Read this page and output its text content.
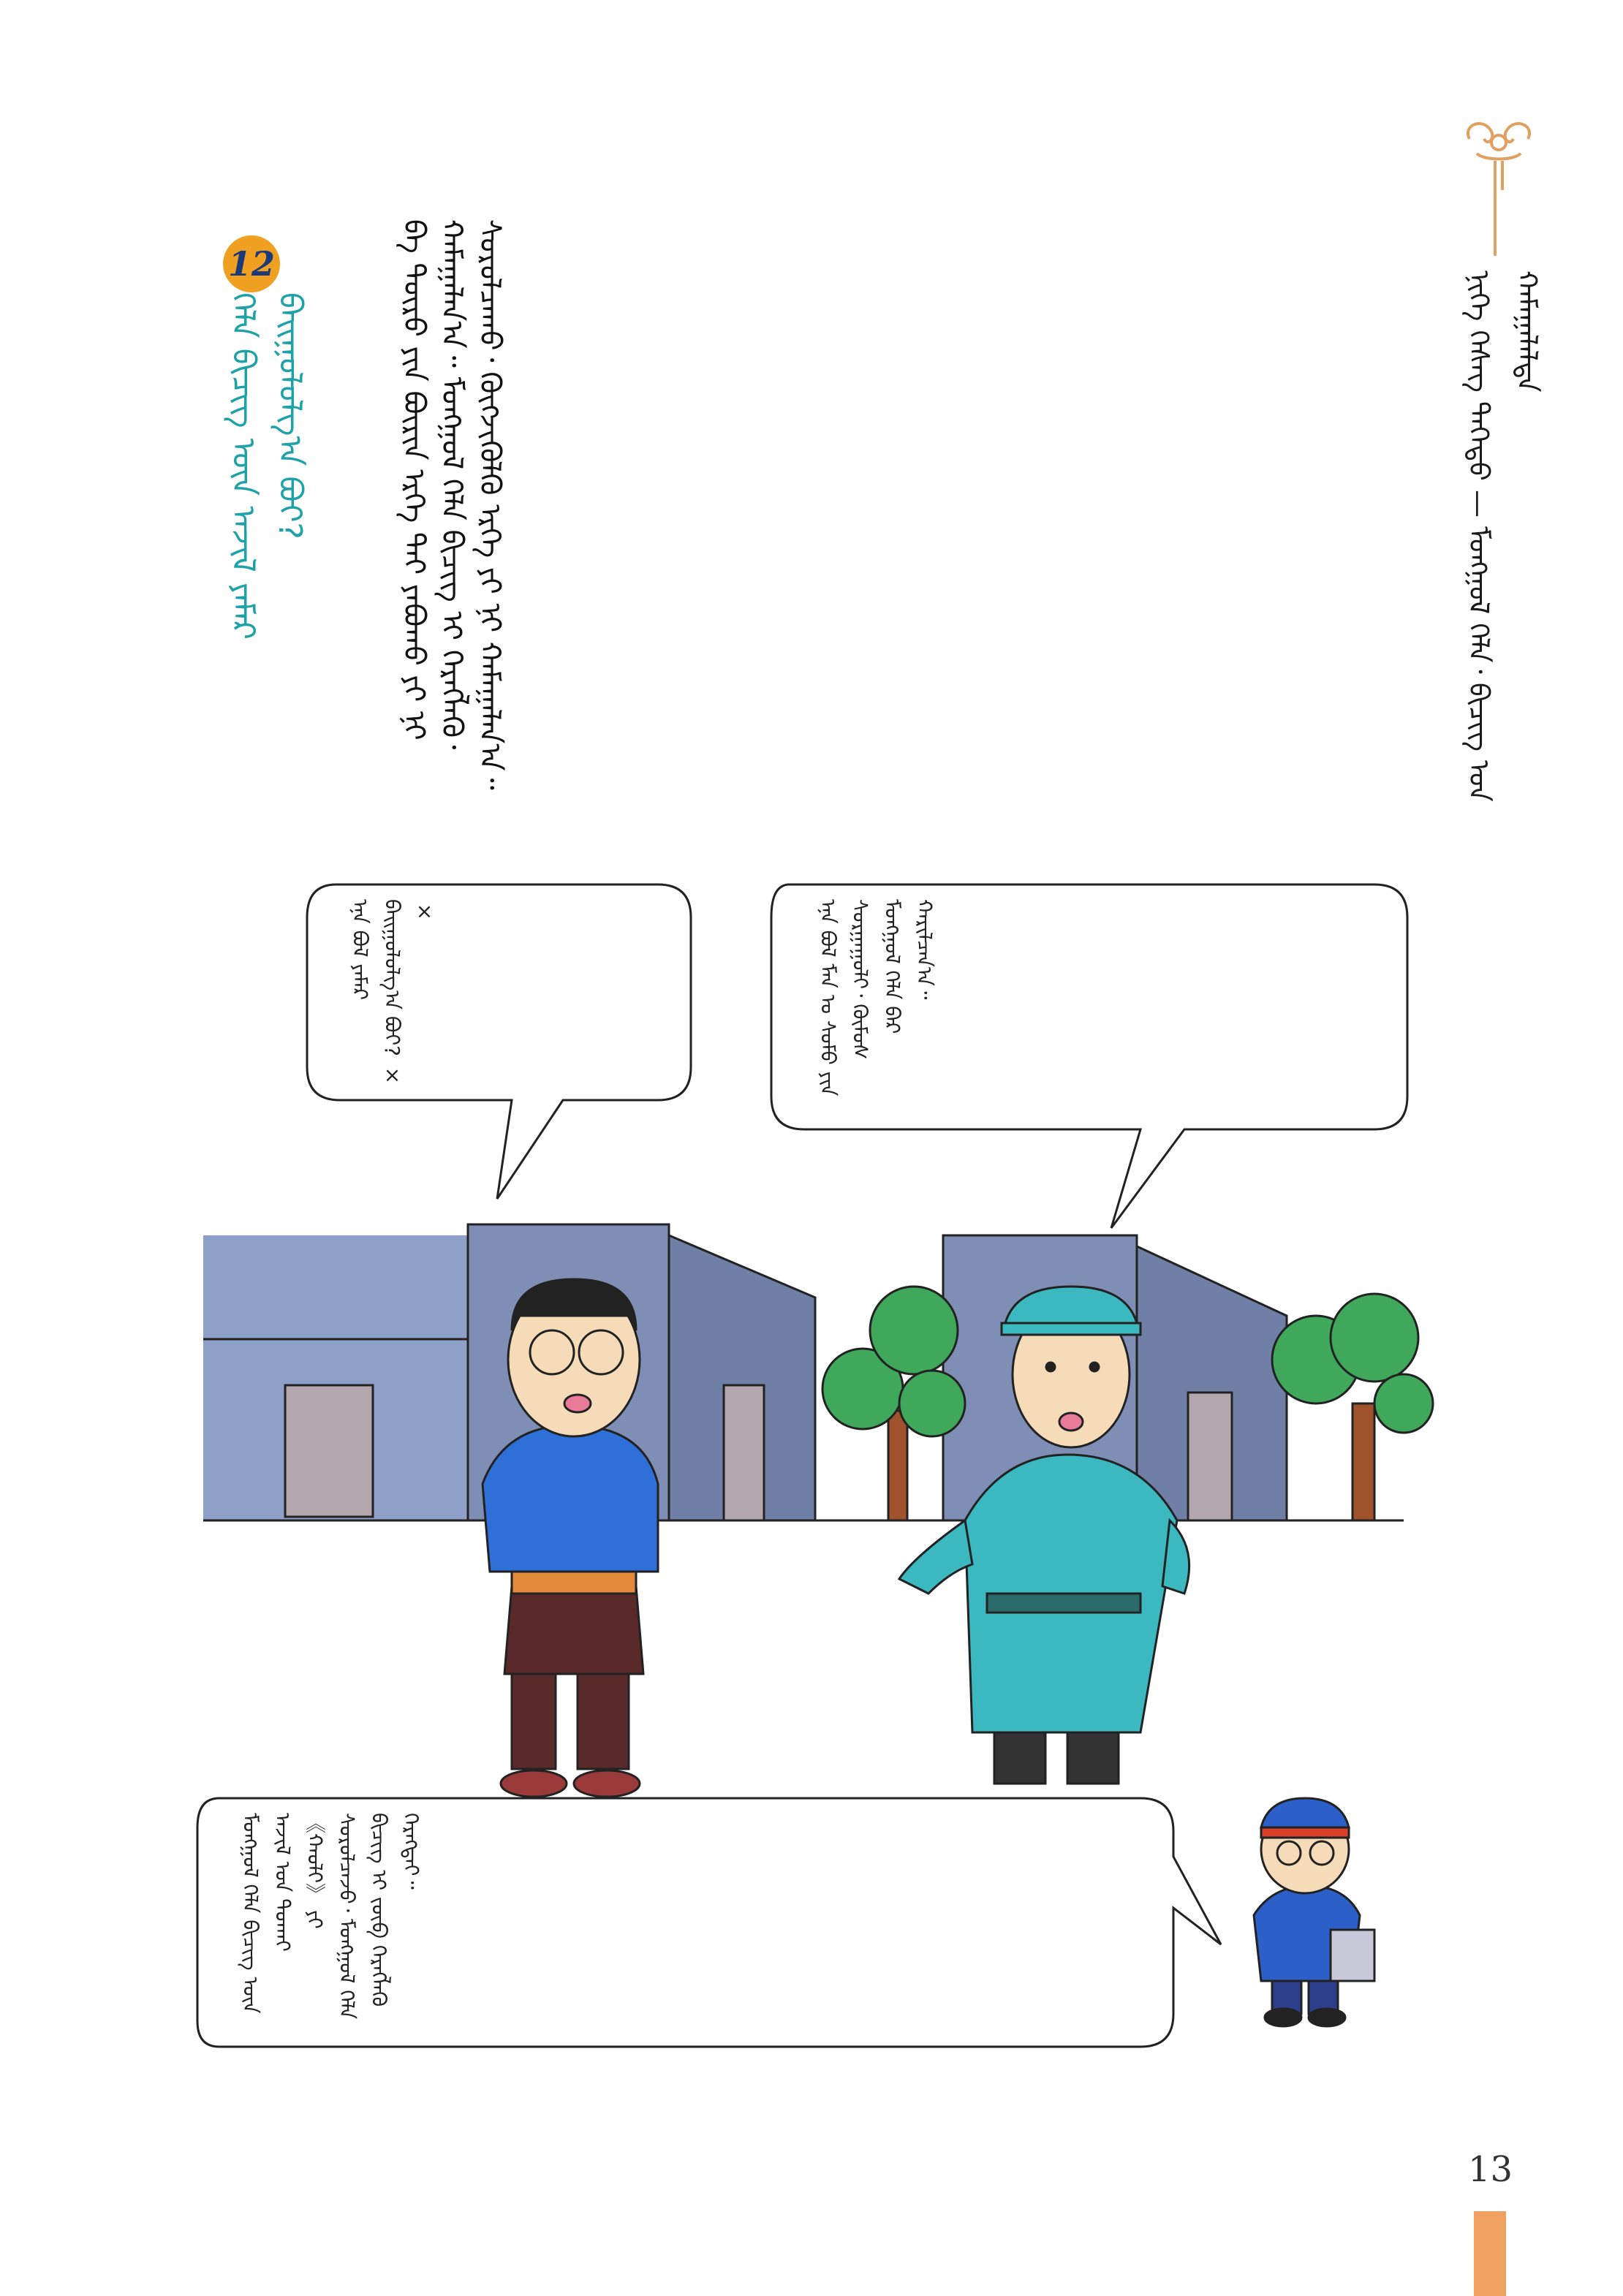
ᠨᠢᠭᠡ ᠬᠡᠰᠡᠭ ᠳᠡᠭᠡᠳᠦ — ᠮᠣᠩᠭᠣᠯ ᠬᠡᠯᠡ᠂ ᠪᠢᠴᠢᠭ ᠤᠨ ᠬᠠᠮᠠᠭᠠᠯᠠᠯᠲᠠ
ᠪᠠ ᠲᠦᠷᠦ ᠶᠢᠨ ᠪᠦᠷᠢᠨ ᠡᠷᠬᠡ ᠲᠠᠢ ᠶᠠᠪᠤᠬᠤ ᠶᠢ ᠨᠢ ᠬᠠᠮᠠᠭᠠᠯᠠᠨ᠎ᠠ᠃ ᠮᠣᠩᠭᠣᠯ ᠬᠡᠯᠡ ᠪᠢᠴᠢᠭ ᠢ ᠬᠡᠷᠡᠭᠯᠡᠬᠦ᠂ ᠰᠤᠷᠤᠯᠴᠠᠬᠤ᠂ ᠬᠦᠭᠵᠢᠭᠦᠯᠬᠦ ᠡᠷᠬᠡ ᠶᠢ ᠨᠢ ᠬᠠᠮᠠᠭᠠᠯᠠᠨ᠎ᠠ᠃
12
ᠬᠡᠯᠡ ᠪᠢᠴᠢᠭ ᠦᠨ ᠠᠵᠢᠯ ᠶᠠᠮᠠᠷ ᠪᠠᠢᠭᠤᠯᠤᠯᠭ᠎ᠠ ᠪᠤᠢ?
ᠡᠨᠡ ᠪᠣᠯ ᠮᠠᠨ ᠤ ᠰᠤᠮᠤ ᠶᠢᠨ ᠰᠤᠷᠭᠠᠭᠤᠯᠢ᠂ ᠬᠦᠮᠦᠰ ᠮᠣᠩᠭᠣᠯ ᠬᠡᠯᠡ ᠪᠡᠷ ᠬᠠᠷᠢᠯᠴᠠᠨ᠎ᠠ᠃
ᠡᠨᠡ ᠪᠣᠯ ᠶᠠᠮᠠᠷ ᠪᠠᠢᠭᠤᠯᠤᠯᠭ᠎ᠠ ᠪᠤᠢ? × ×
ᠮᠣᠩᠭᠣᠯ ᠬᠡᠯᠡ ᠪᠢᠴᠢᠭ ᠦᠨ ᠠᠵᠢᠯ ᠤᠨ ᠲᠤᠬᠠᠢ 《ᠬᠠᠤᠯᠢ》 ᠶᠢ ᠰᠤᠷᠤᠯᠴᠠᠵᠤ᠂ ᠮᠣᠩᠭᠣᠯ ᠬᠡᠯᠡ ᠪᠢᠴᠢᠭ ᠢ ᠵᠥᠪ ᠬᠡᠷᠡᠭᠯᠡᠬᠦ ᠬᠡᠷᠡᠭᠲᠡᠢ᠃
13
